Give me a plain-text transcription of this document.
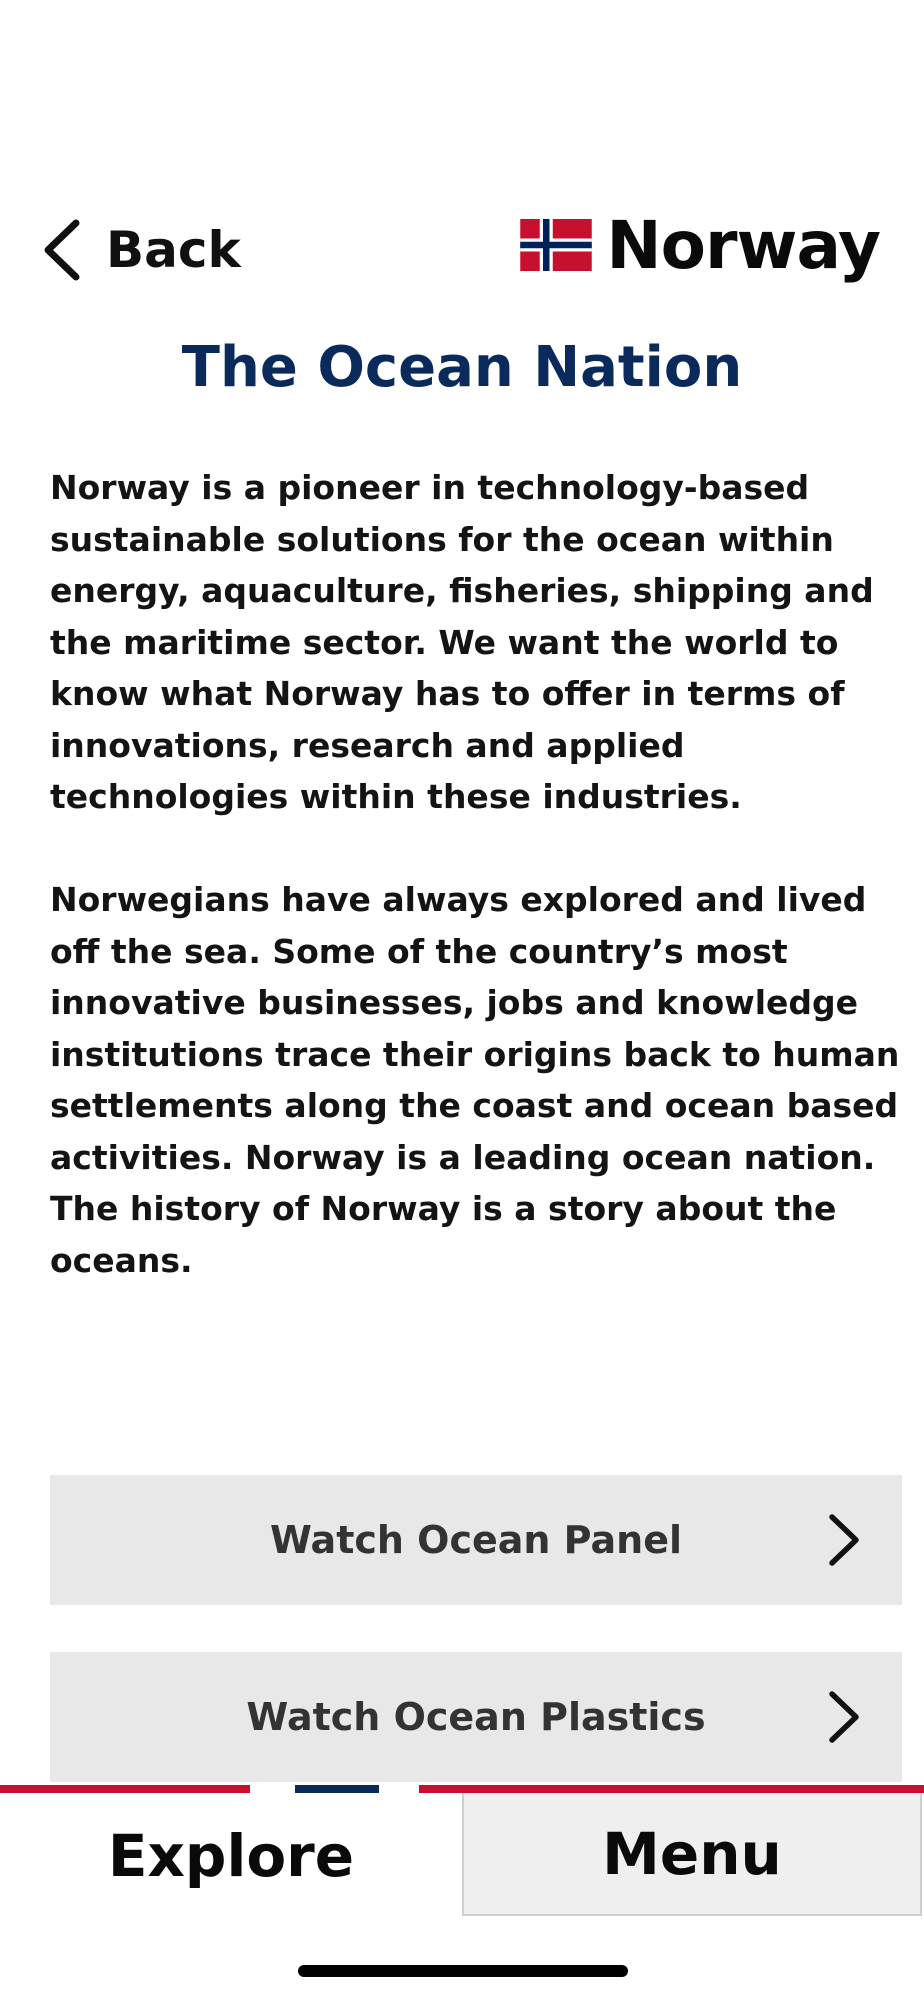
Back	Norway
The Ocean Nation

Norway is a pioneer in technology-based sustainable solutions for the ocean within energy, aquaculture, fisheries, shipping and the maritime sector. We want the world to know what Norway has to offer in terms of innovations, research and applied technologies within these industries.

Norwegians have always explored and lived off the sea. Some of the country’s most innovative businesses, jobs and knowledge institutions trace their origins back to human settlements along the coast and ocean based activities. Norway is a leading ocean nation. The history of Norway is a story about the oceans.

Watch Ocean Panel
Watch Ocean Plastics
Explore	Menu
